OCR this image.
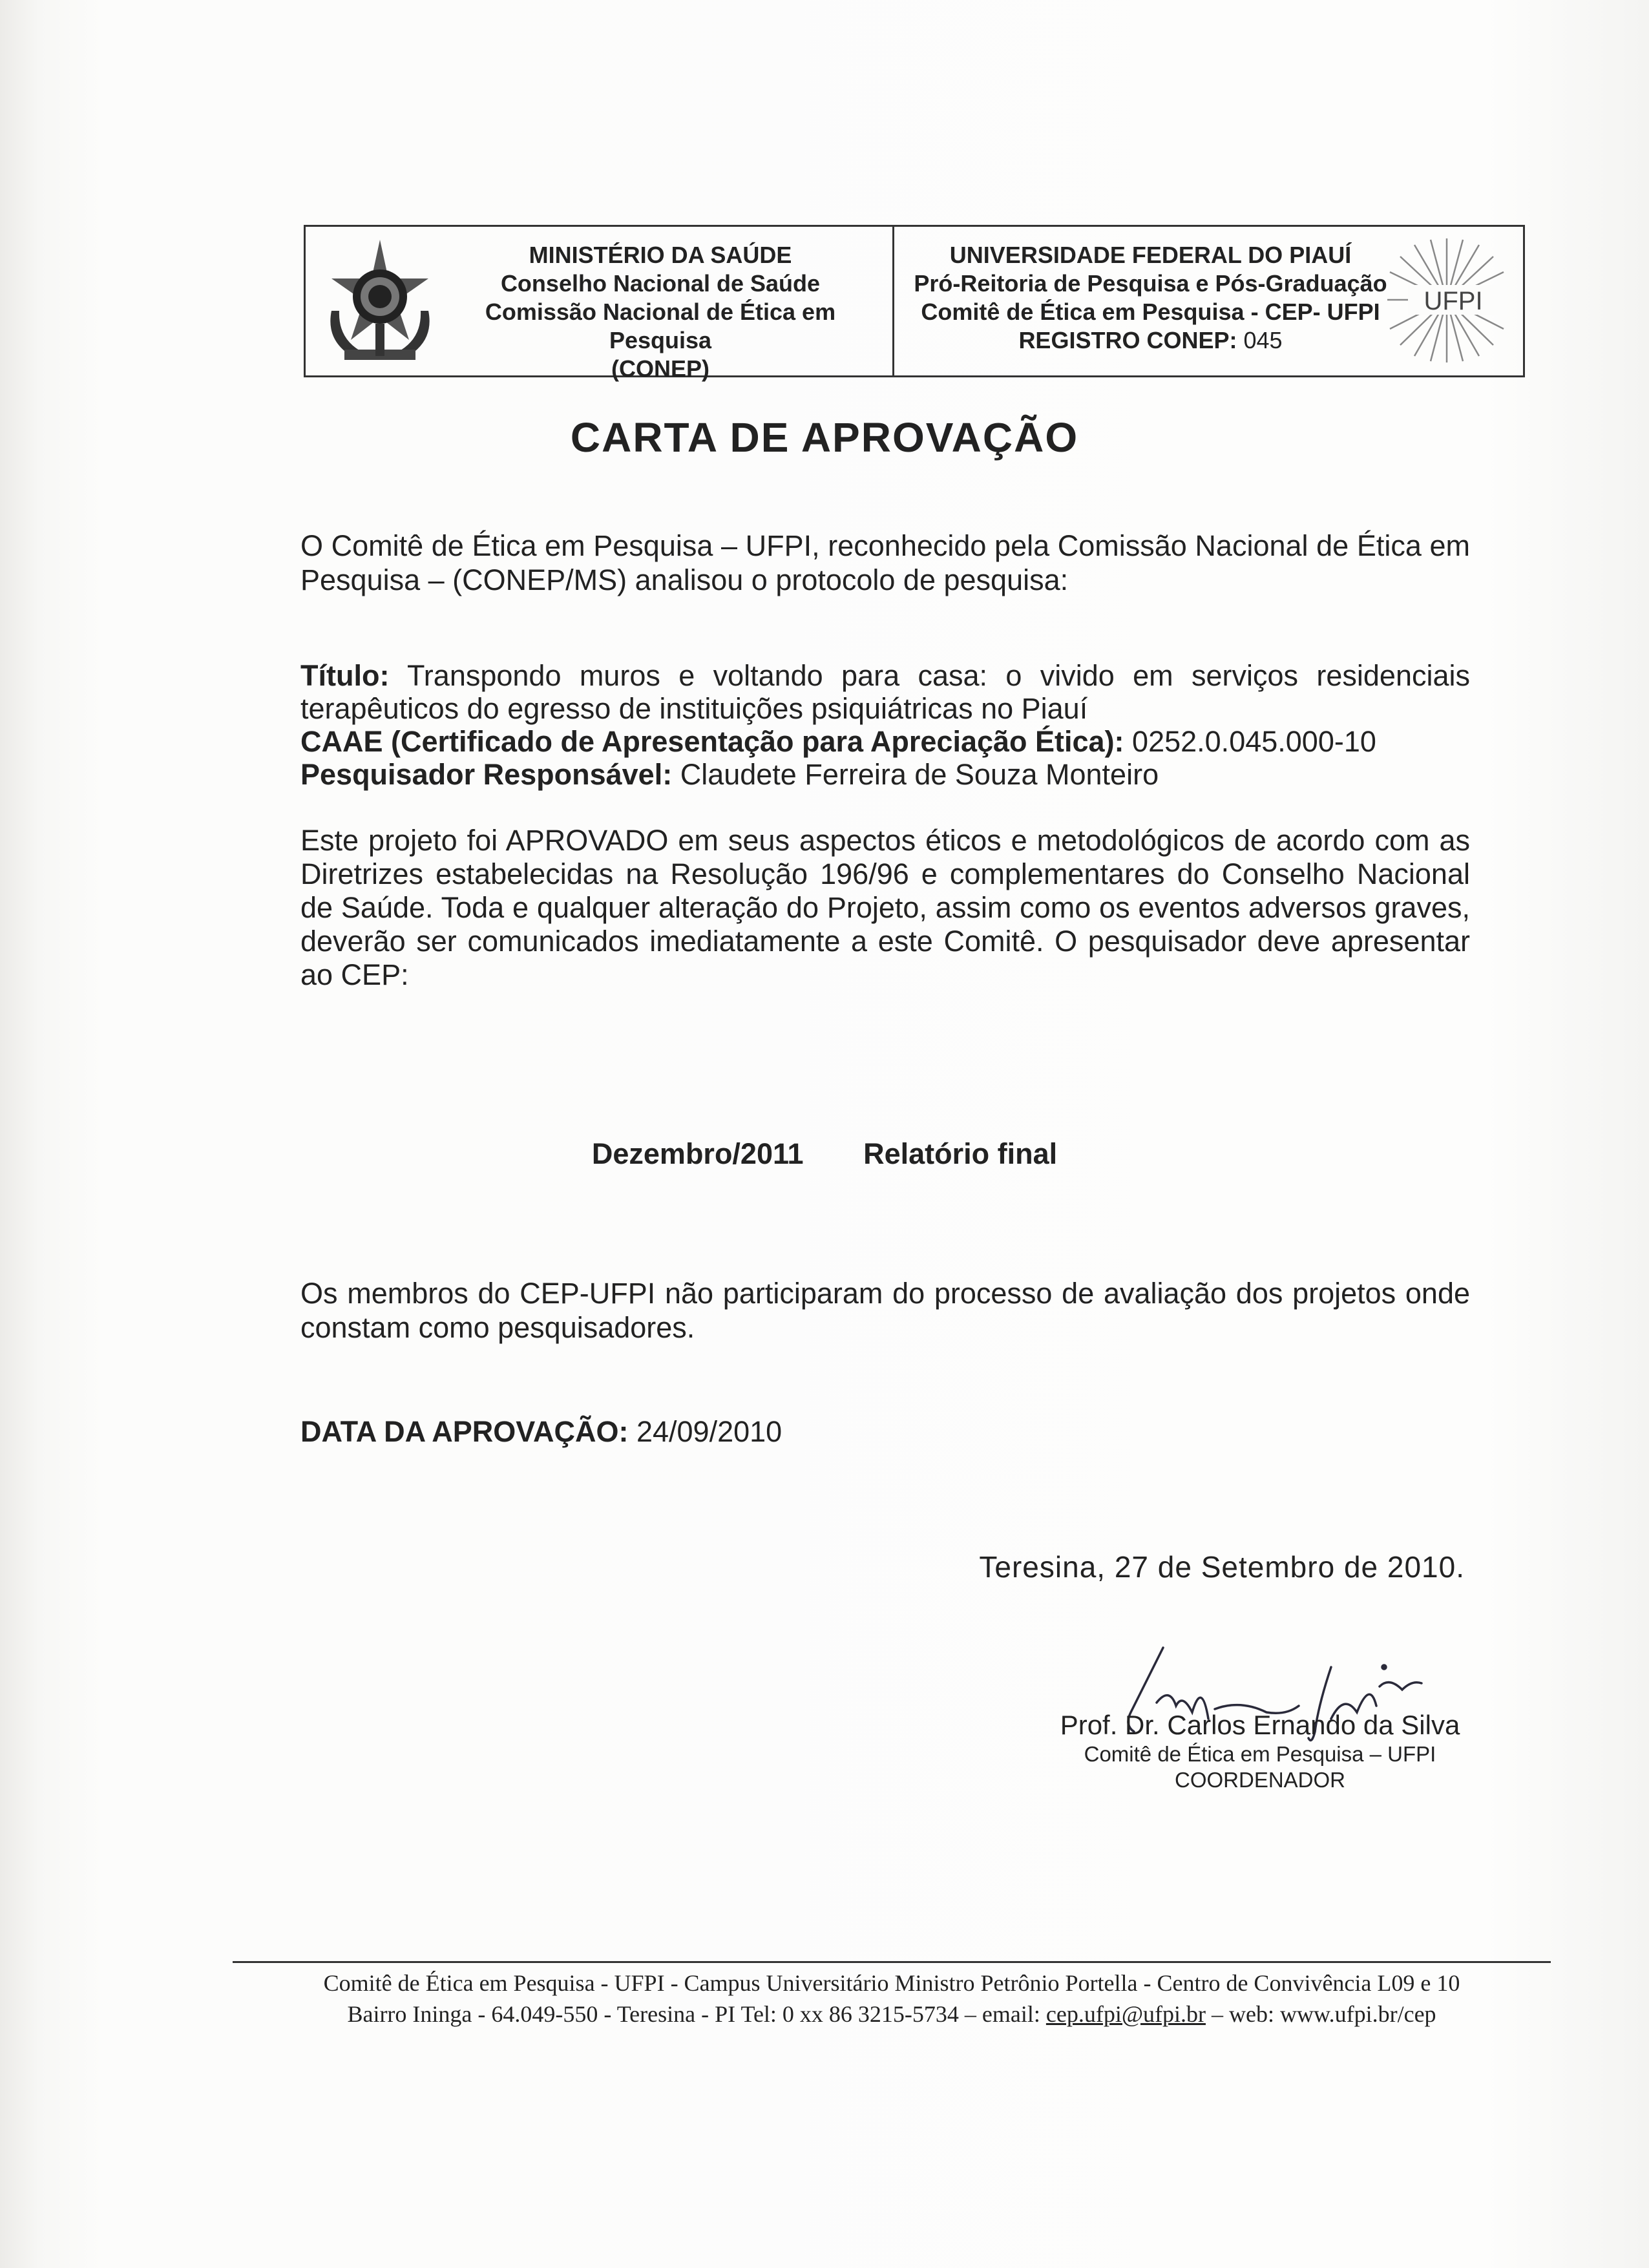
MINISTÉRIO DA SAÚDE
Conselho Nacional de Saúde
Comissão Nacional de Ética em Pesquisa
(CONEP)
UNIVERSIDADE FEDERAL DO PIAUÍ
Pró-Reitoria de Pesquisa e Pós-Graduação
Comitê de Ética em Pesquisa - CEP- UFPI
REGISTRO CONEP: 045
UFPI
CARTA DE APROVAÇÃO
O Comitê de Ética em Pesquisa – UFPI, reconhecido pela Comissão Nacional de Ética em Pesquisa – (CONEP/MS) analisou o protocolo de pesquisa:
Título: Transpondo muros e voltando para casa: o vivido em serviços residenciais terapêuticos do egresso de instituições psiquiátricas no Piauí
CAAE (Certificado de Apresentação para Apreciação Ética): 0252.0.045.000-10
Pesquisador Responsável: Claudete Ferreira de Souza Monteiro
Este projeto foi APROVADO em seus aspectos éticos e metodológicos de acordo com as Diretrizes estabelecidas na Resolução 196/96 e complementares do Conselho Nacional de Saúde. Toda e qualquer alteração do Projeto, assim como os eventos adversos graves, deverão ser comunicados imediatamente a este Comitê. O pesquisador deve apresentar ao CEP:
Dezembro/2011 Relatório final
Os membros do CEP-UFPI não participaram do processo de avaliação dos projetos onde constam como pesquisadores.
DATA DA APROVAÇÃO: 24/09/2010
Teresina, 27 de Setembro de 2010.
Prof. Dr. Carlos Ernando da Silva
Comitê de Ética em Pesquisa – UFPI
COORDENADOR
Comitê de Ética em Pesquisa - UFPI - Campus Universitário Ministro Petrônio Portella - Centro de Convivência L09 e 10
Bairro Ininga - 64.049-550 - Teresina - PI Tel: 0 xx 86 3215-5734 – email: cep.ufpi@ufpi.br – web: www.ufpi.br/cep
